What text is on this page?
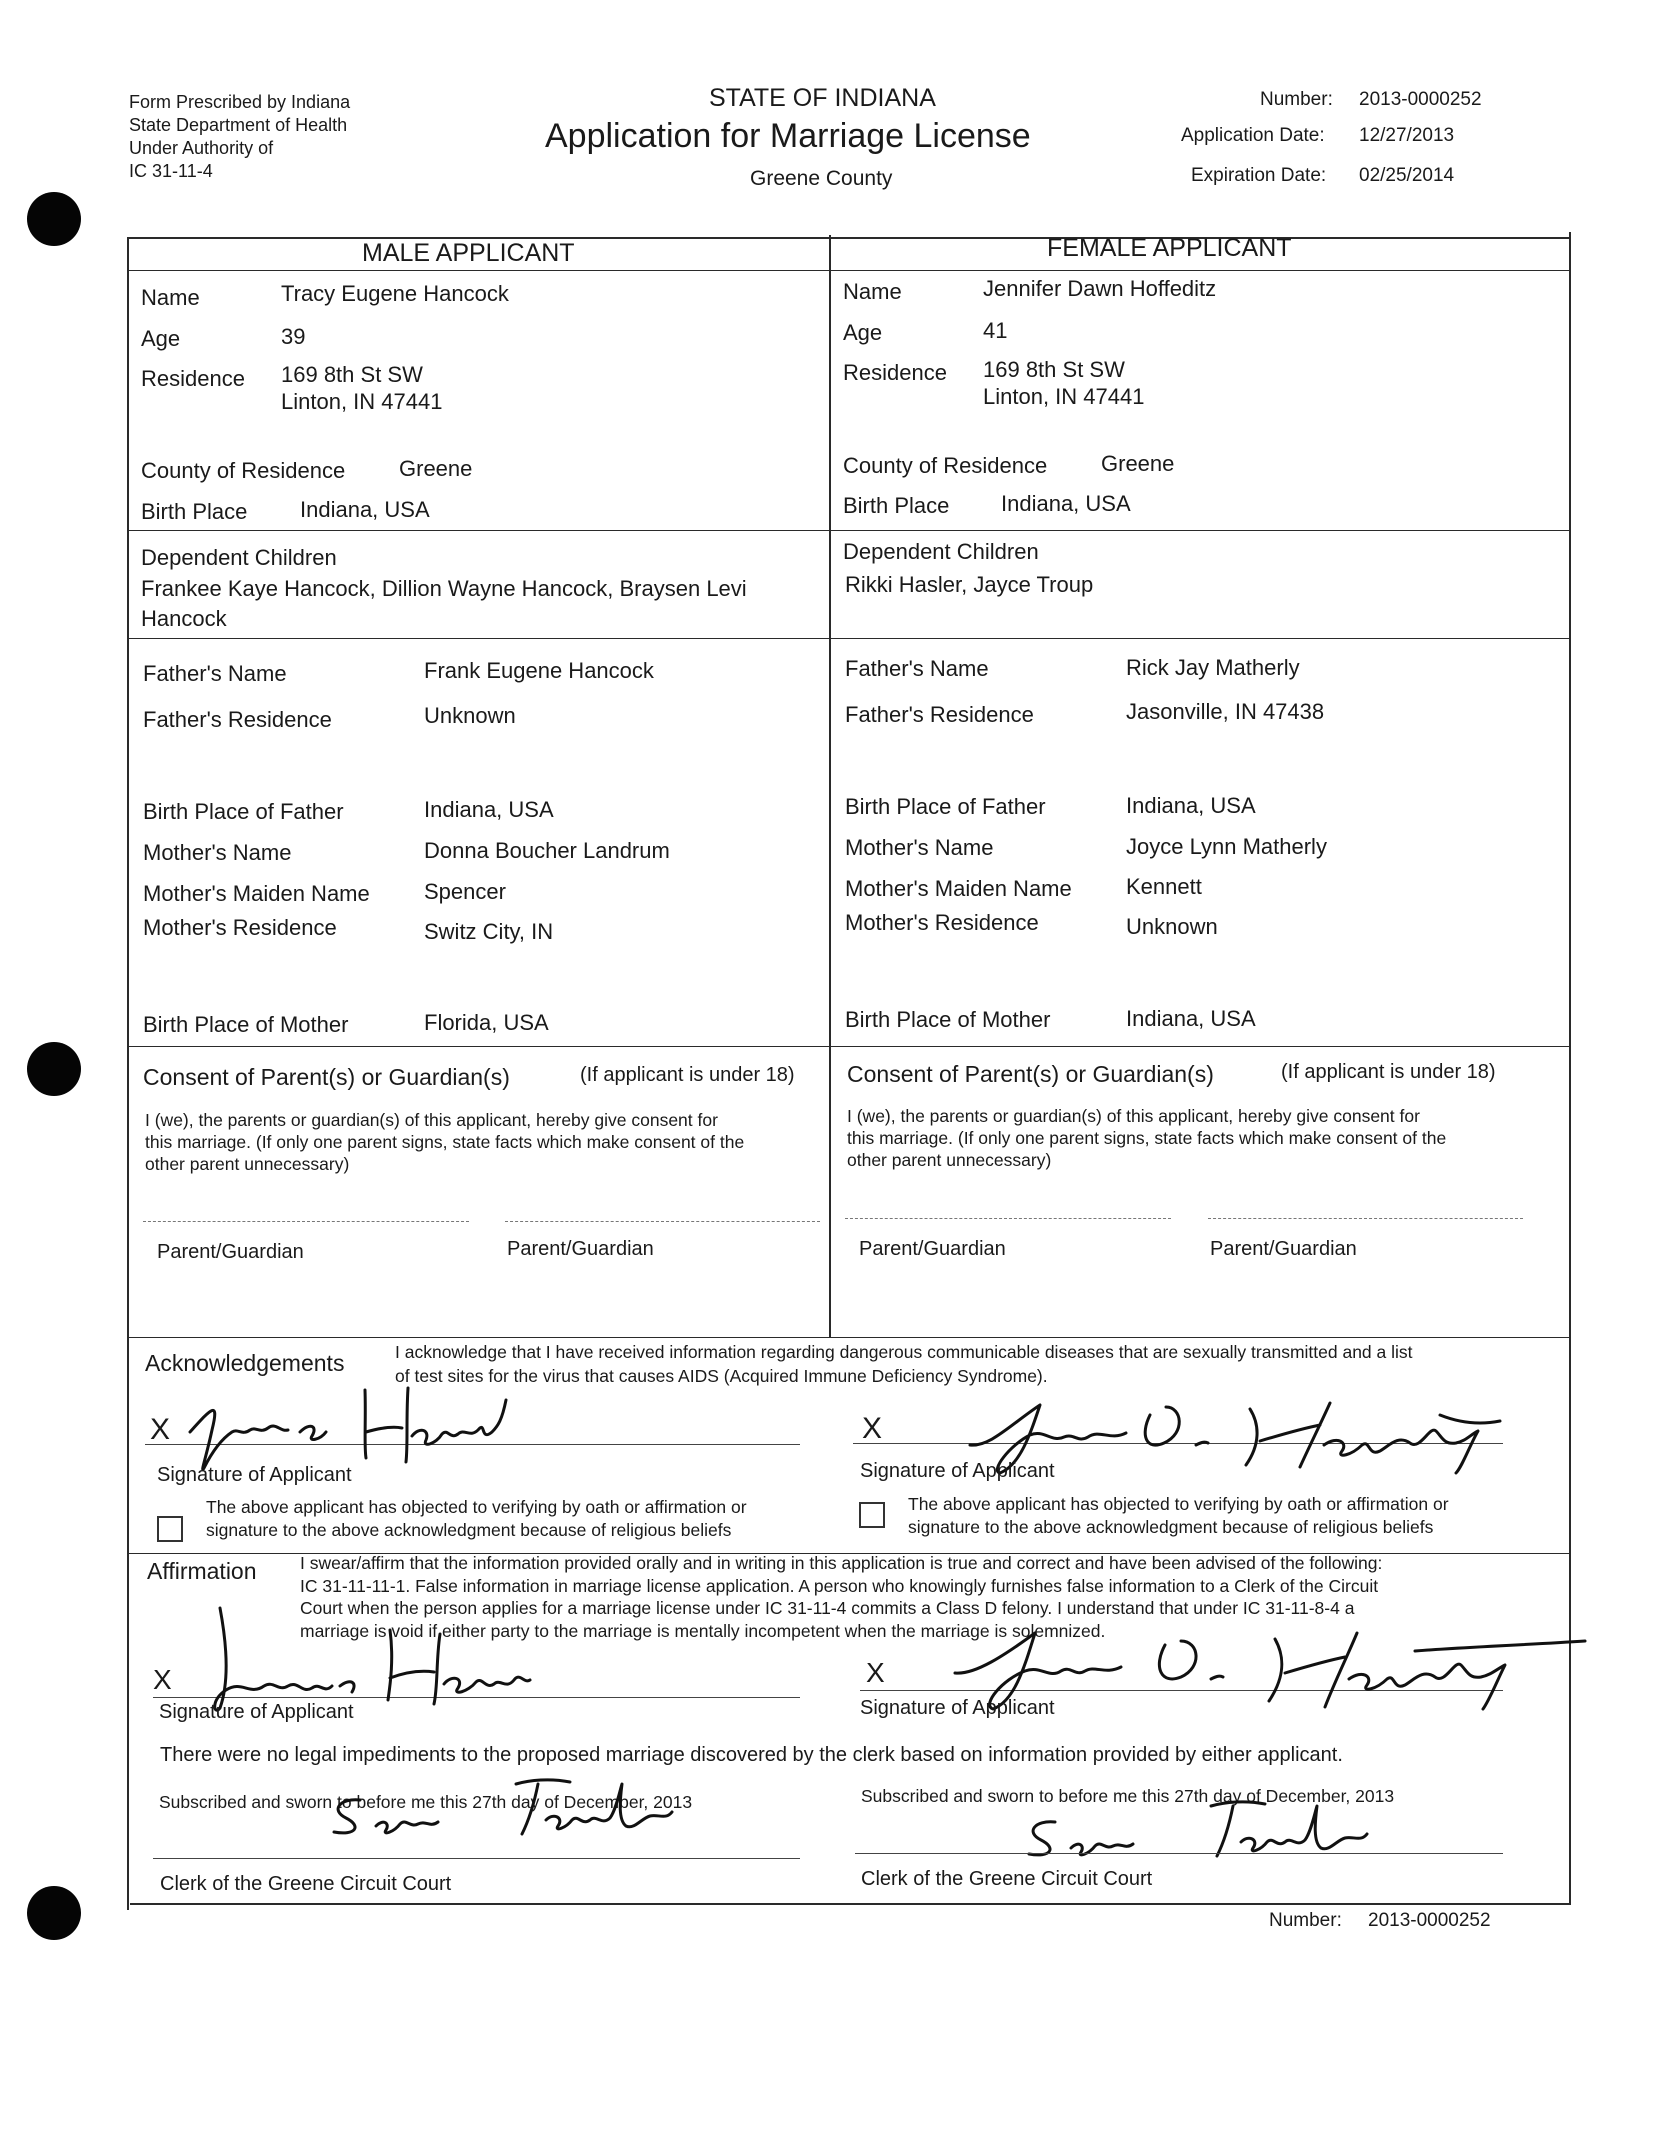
Form Prescribed by Indiana
State Department of Health
Under Authority of
IC 31-11-4
STATE OF INDIANA
Application for Marriage License
Greene County
Number: 2013-0000252
Application Date: 12/27/2013
Expiration Date: 02/25/2014
MALE APPLICANT	FEMALE APPLICANT
Name	Tracy Eugene Hancock
Age	39
Residence 169 8th St SW
Linton, IN 47441
County of Residence Greene
Birth Place Indiana, USA
Dependent Children
Frankee Kaye Hancock, Dillion Wayne Hancock, Braysen Levi
Hancock
Father's Name	Frank Eugene Hancock
Father's Residence	Unknown
Birth Place of Father	Indiana, USA
Mother's Name	Donna Boucher Landrum
Mother's Maiden Name Spencer
Mother's Residence	Switz City, IN
Birth Place of Mother	Florida, USA
Name	Jennifer Dawn Hoffeditz
Age	41
Residence 169 8th St SW
Linton, IN 47441
County of Residence Greene
Birth Place Indiana, USA
Dependent Children
Rikki Hasler, Jayce Troup
Father's Name	Rick Jay Matherly
Father's Residence	Jasonville, IN 47438
Birth Place of Father	Indiana, USA
Mother's Name	Joyce Lynn Matherly
Mother's Maiden Name Kennett
Mother's Residence	Unknown
Birth Place of Mother	Indiana, USA
Consent of Parent(s) or Guardian(s)	(If applicant is under 18)
I (we), the parents or guardian(s) of this applicant, hereby give consent for
this marriage. (If only one parent signs, state facts which make consent of the
other parent unnecessary)
Parent/Guardian	Parent/Guardian
Consent of Parent(s) or Guardian(s)	(If applicant is under 18)
I (we), the parents or guardian(s) of this applicant, hereby give consent for
this marriage. (If only one parent signs, state facts which make consent of the
other parent unnecessary)
Parent/Guardian	Parent/Guardian
Acknowledgements	I acknowledge that I have received information regarding dangerous communicable diseases that are sexually transmitted and a list
of test sites for the virus that causes AIDS (Acquired Immune Deficiency Syndrome).
X
Signature of Applicant
The above applicant has objected to verifying by oath or affirmation or
signature to the above acknowledgment because of religious beliefs
X
Signature of Applicant
The above applicant has objected to verifying by oath or affirmation or
signature to the above acknowledgment because of religious beliefs
Affirmation I swear/affirm that the information provided orally and in writing in this application is true and correct and have been advised of the following:
IC 31-11-11-1. False information in marriage license application. A person who knowingly furnishes false information to a Clerk of the Circuit
Court when the person applies for a marriage license under IC 31-11-4 commits a Class D felony. I understand that under IC 31-11-8-4 a
marriage is void if either party to the marriage is mentally incompetent when the marriage is solemnized.
X
Signature of Applicant
X
Signature of Applicant
There were no legal impediments to the proposed marriage discovered by the clerk based on information provided by either applicant.
Subscribed and sworn to before me this 27th day of December, 2013
Clerk of the Greene Circuit Court
Subscribed and sworn to before me this 27th day of December, 2013
Clerk of the Greene Circuit Court
Number: 2013-0000252
